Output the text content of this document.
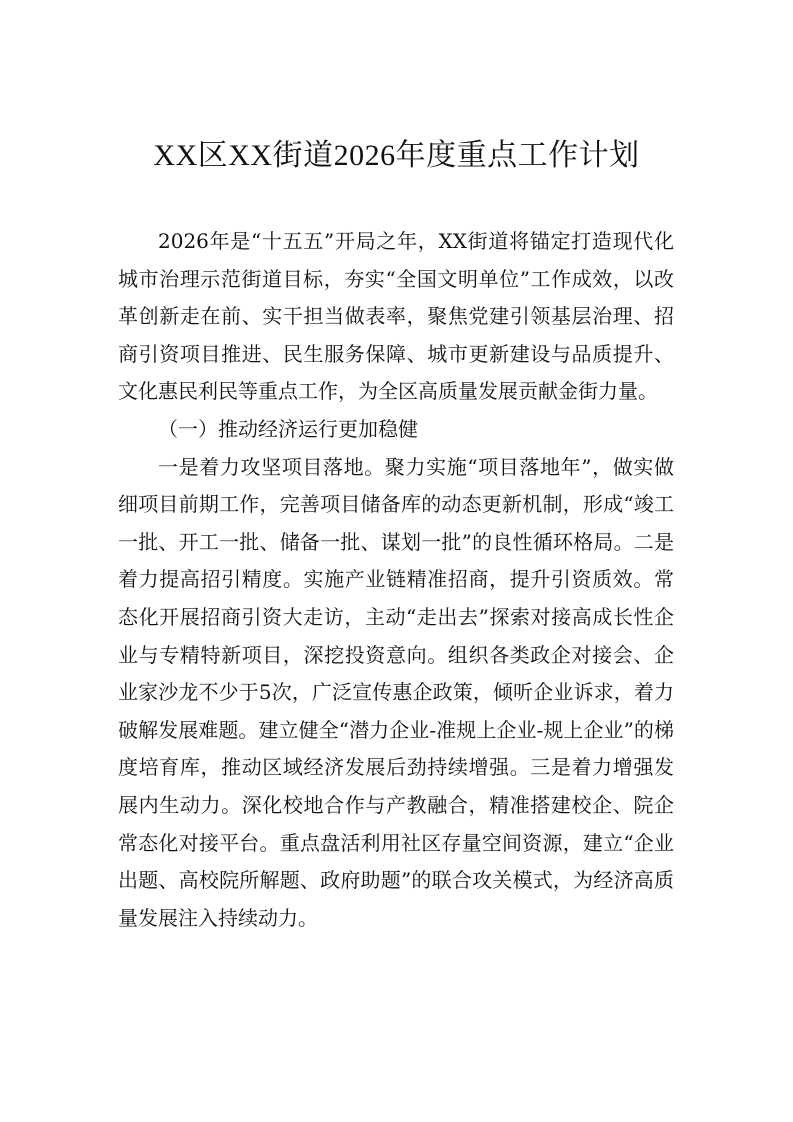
XX区XX街道2026年度重点工作计划

2026年是“十五五”开局之年，XX街道将锚定打造现代化城市治理示范街道目标，夯实“全国文明单位”工作成效，以改革创新走在前、实干担当做表率，聚焦党建引领基层治理、招商引资项目推进、民生服务保障、城市更新建设与品质提升、文化惠民利民等重点工作，为全区高质量发展贡献金街力量。

（一）推动经济运行更加稳健

一是着力攻坚项目落地。聚力实施“项目落地年”，做实做细项目前期工作，完善项目储备库的动态更新机制，形成“竣工一批、开工一批、储备一批、谋划一批”的良性循环格局。二是着力提高招引精度。实施产业链精准招商，提升引资质效。常态化开展招商引资大走访，主动“走出去”探索对接高成长性企业与专精特新项目，深挖投资意向。组织各类政企对接会、企业家沙龙不少于5次，广泛宣传惠企政策，倾听企业诉求，着力破解发展难题。建立健全“潜力企业-准规上企业-规上企业”的梯度培育库，推动区域经济发展后劲持续增强。三是着力增强发展内生动力。深化校地合作与产教融合，精准搭建校企、院企常态化对接平台。重点盘活利用社区存量空间资源，建立“企业出题、高校院所解题、政府助题”的联合攻关模式，为经济高质量发展注入持续动力。
